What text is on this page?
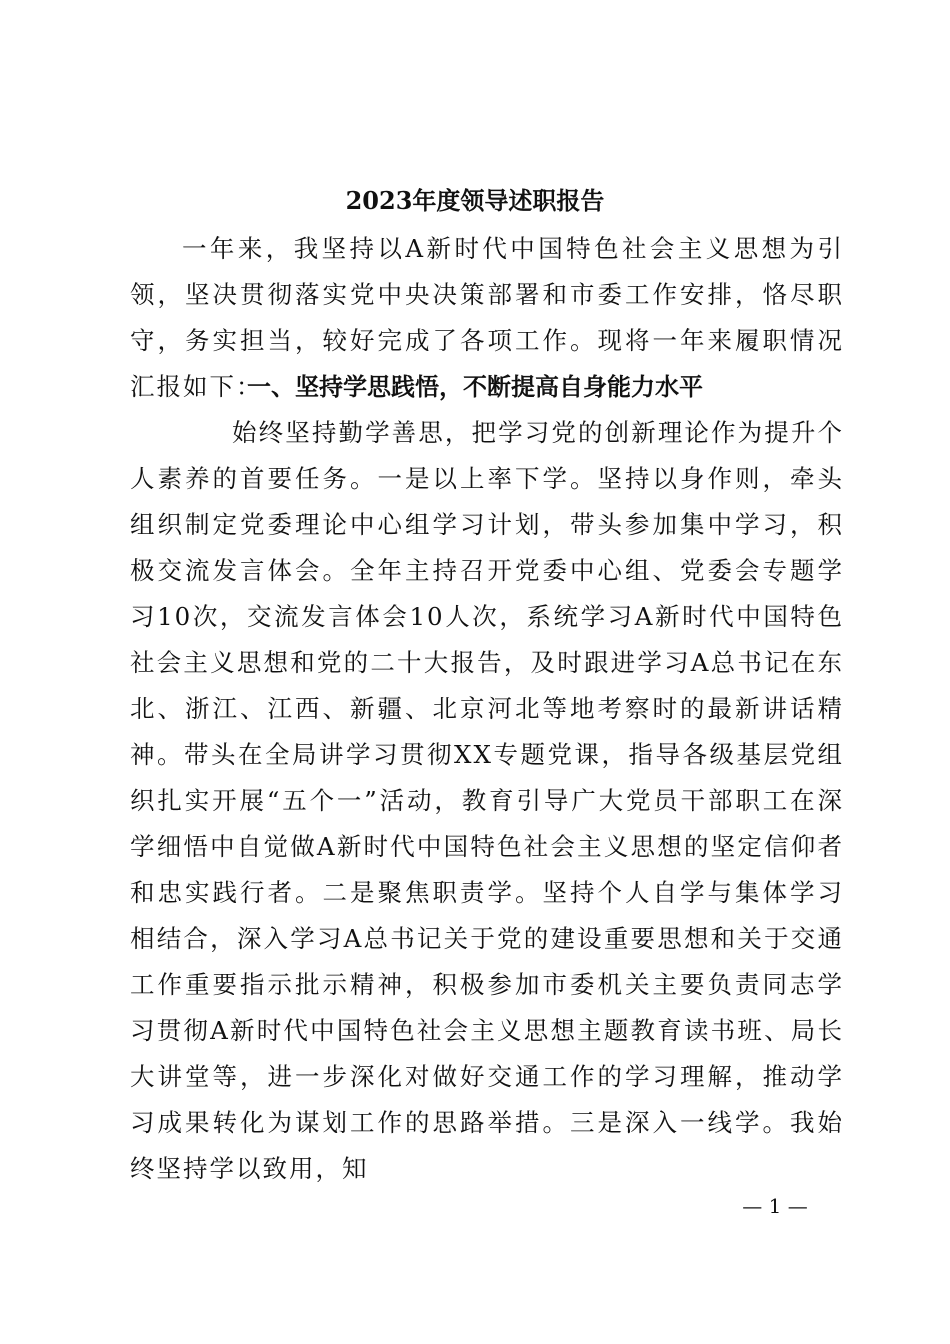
2023年度领导述职报告
一年来，我坚持以A新时代中国特色社会主义思想为引领，坚决贯彻落实党中央决策部署和市委工作安排，恪尽职守，务实担当，较好完成了各项工作。现将一年来履职情况汇报如下：
一、坚持学思践悟，不断提高自身能力水平
始终坚持勤学善思，把学习党的创新理论作为提升个人素养的首要任务。一是以上率下学。坚持以身作则，牵头组织制定党委理论中心组学习计划，带头参加集中学习，积极交流发言体会。全年主持召开党委中心组、党委会专题学习10次，交流发言体会10人次，系统学习A新时代中国特色社会主义思想和党的二十大报告，及时跟进学习A总书记在东北、浙江、江西、新疆、北京河北等地考察时的最新讲话精神。带头在全局讲学习贯彻XX专题党课，指导各级基层党组织扎实开展“五个一”活动，教育引导广大党员干部职工在深学细悟中自觉做A新时代中国特色社会主义思想的坚定信仰者和忠实践行者。二是聚焦职责学。坚持个人自学与集体学习相结合，深入学习A总书记关于党的建设重要思想和关于交通工作重要指示批示精神，积极参加市委机关主要负责同志学习贯彻A新时代中国特色社会主义思想主题教育读书班、局长大讲堂等，进一步深化对做好交通工作的学习理解，推动学习成果转化为谋划工作的思路举措。三是深入一线学。我始终坚持学以致用，知
— 1 —
